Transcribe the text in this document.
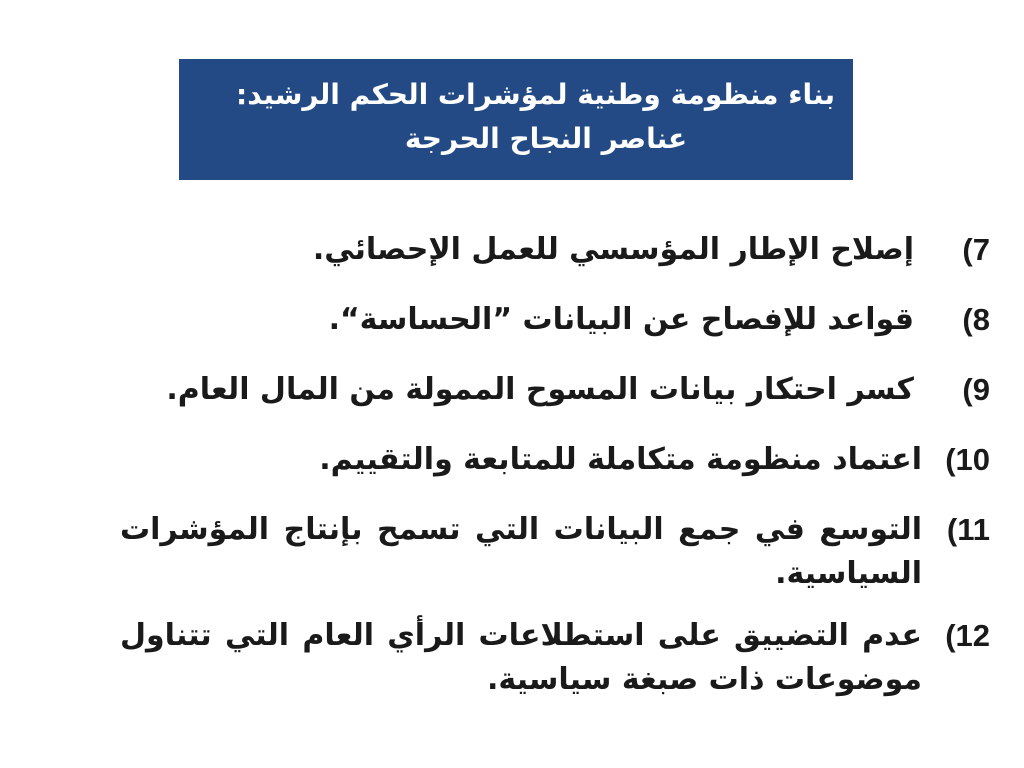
بناء منظومة وطنية لمؤشرات الحكم الرشيد:
عناصر النجاح الحرجة
(7
إصلاح الإطار المؤسسي للعمل الإحصائي.
(8
قواعد للإفصاح عن البيانات ”الحساسة“.
(9
كسر احتكار بيانات المسوح الممولة من المال العام.
(10
اعتماد منظومة متكاملة للمتابعة والتقييم.
(11
التوسع في جمع البيانات التي تسمح بإنتاج المؤشرات السياسية.
(12
عدم التضييق على استطلاعات الرأي العام التي تتناول موضوعات ذات صبغة سياسية.
